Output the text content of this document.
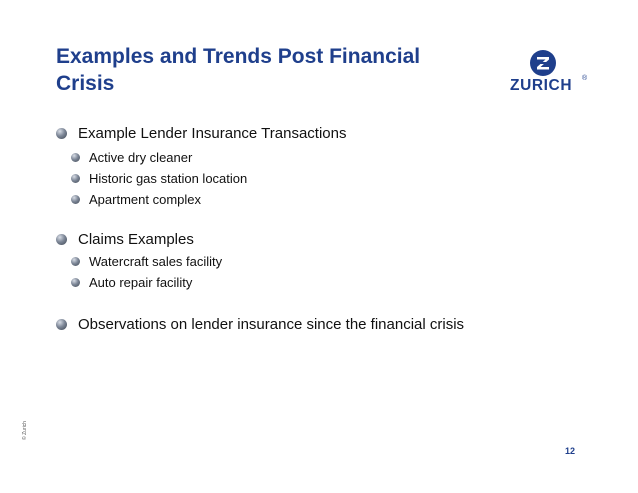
Examples and Trends Post Financial Crisis	ZURICH ®
Example Lender Insurance Transactions
Active dry cleaner
Historic gas station location
Apartment complex
Claims Examples
Watercraft sales facility
Auto repair facility
Observations on lender insurance since the financial crisis
© Zurich
12
